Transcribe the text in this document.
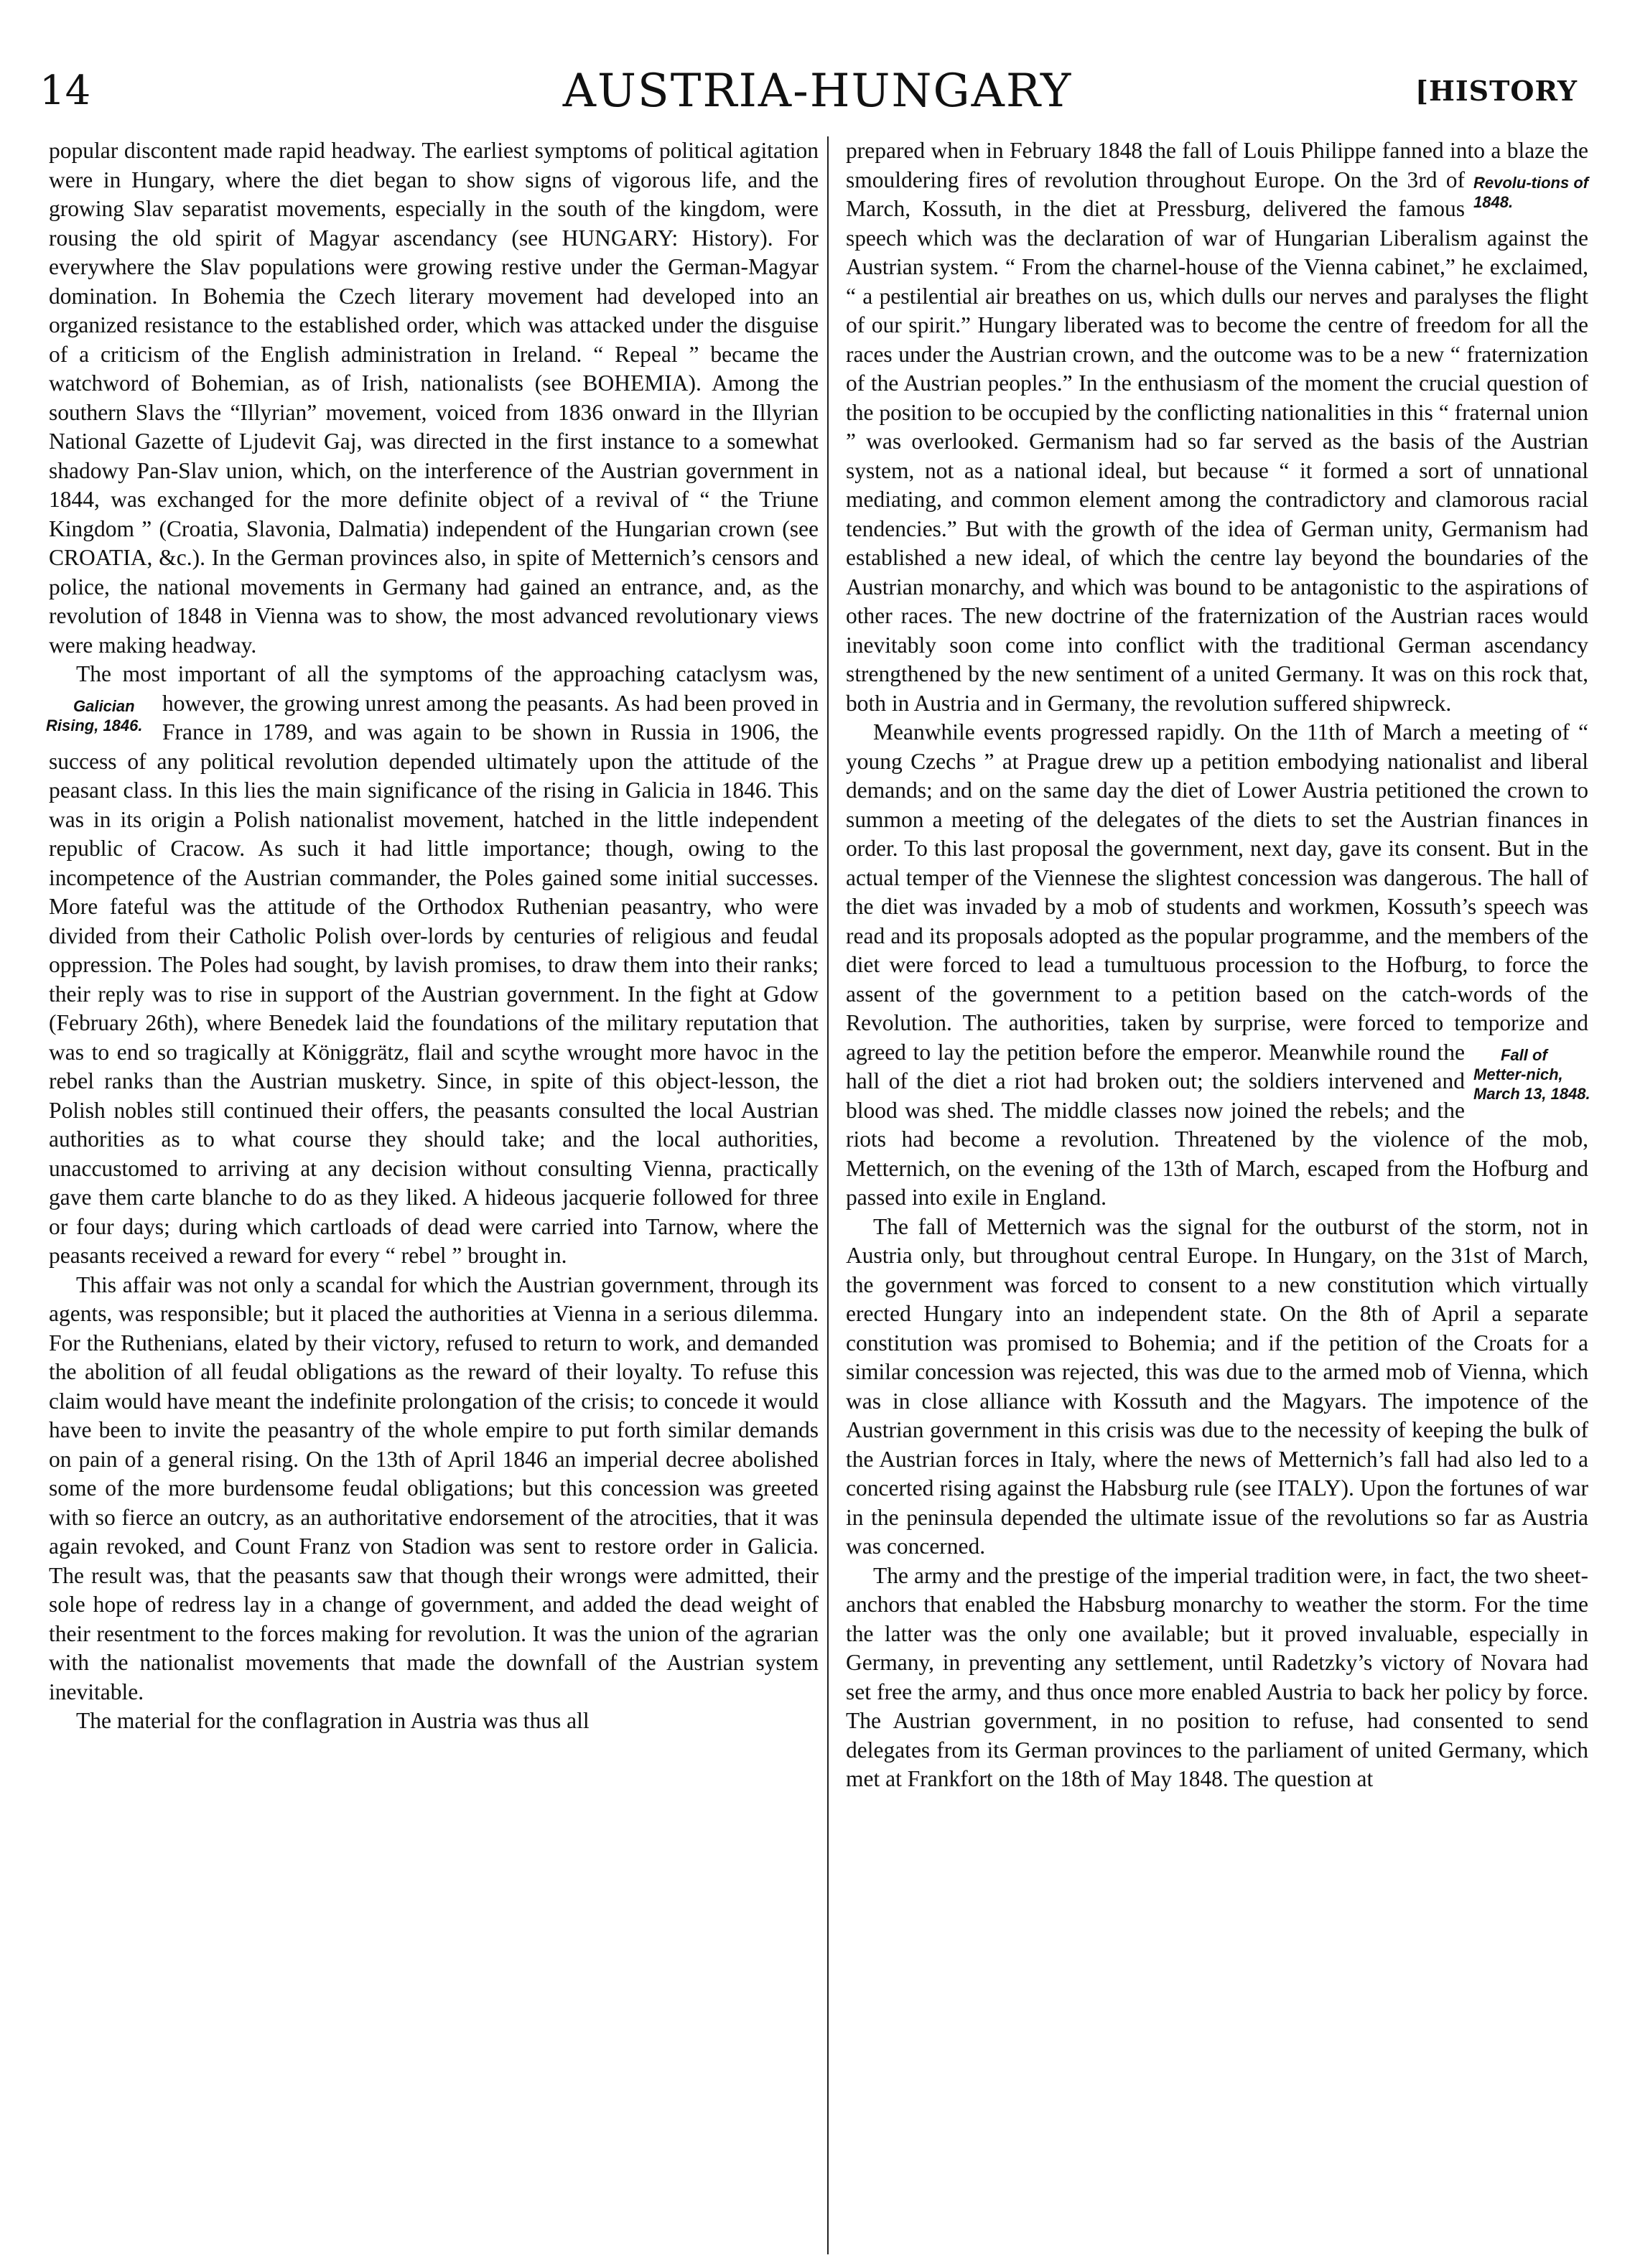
14	AUSTRIA-HUNGARY	[HISTORY

popular discontent made rapid headway. The earliest symptoms of political agitation were in Hungary, where the diet began to show signs of vigorous life, and the growing Slav separatist movements, especially in the south of the kingdom, were rousing the old spirit of Magyar ascendancy (see HUNGARY: History). For everywhere the Slav populations were growing restive under the German-Magyar domination. In Bohemia the Czech literary movement had developed into an organized resistance to the established order, which was attacked under the disguise of a criticism of the English administration in Ireland. “ Repeal ” became the watchword of Bohemian, as of Irish, nationalists (see BOHEMIA). Among the southern Slavs the “Illyrian” movement, voiced from 1836 onward in the Illyrian National Gazette of Ljudevit Gaj, was directed in the first instance to a somewhat shadowy Pan-Slav union, which, on the interference of the Austrian government in 1844, was exchanged for the more definite object of a revival of “ the Triune Kingdom ” (Croatia, Slavonia, Dalmatia) independent of the Hungarian crown (see CROATIA, &c.). In the German provinces also, in spite of Metternich’s censors and police, the national movements in Germany had gained an entrance, and, as the revolution of 1848 in Vienna was to show, the most advanced revolutionary views were making headway.

The most important of all the symptoms of the approaching cataclysm was, however, the growing unrest among the peasants.
Galician Rising, 1846.
As had been proved in France in 1789, and was again to be shown in Russia in 1906, the success of any political revolution depended ultimately upon the attitude of the peasant class. In this lies the main significance of the rising in Galicia in 1846. This was in its origin a Polish nationalist movement, hatched in the little independent republic of Cracow. As such it had little importance; though, owing to the incompetence of the Austrian commander, the Poles gained some initial successes. More fateful was the attitude of the Orthodox Ruthenian peasantry, who were divided from their Catholic Polish over-lords by centuries of religious and feudal oppression. The Poles had sought, by lavish promises, to draw them into their ranks; their reply was to rise in support of the Austrian government. In the fight at Gdow (February 26th), where Benedek laid the foundations of the military reputation that was to end so tragically at Königgrätz, flail and scythe wrought more havoc in the rebel ranks than the Austrian musketry. Since, in spite of this object-lesson, the Polish nobles still continued their offers, the peasants consulted the local Austrian authorities as to what course they should take; and the local authorities, unaccustomed to arriving at any decision without consulting Vienna, practically gave them carte blanche to do as they liked. A hideous jacquerie followed for three or four days; during which cartloads of dead were carried into Tarnow, where the peasants received a reward for every “ rebel ” brought in.

This affair was not only a scandal for which the Austrian government, through its agents, was responsible; but it placed the authorities at Vienna in a serious dilemma. For the Ruthenians, elated by their victory, refused to return to work, and demanded the abolition of all feudal obligations as the reward of their loyalty. To refuse this claim would have meant the indefinite prolongation of the crisis; to concede it would have been to invite the peasantry of the whole empire to put forth similar demands on pain of a general rising. On the 13th of April 1846 an imperial decree abolished some of the more burdensome feudal obligations; but this concession was greeted with so fierce an outcry, as an authoritative endorsement of the atrocities, that it was again revoked, and Count Franz von Stadion was sent to restore order in Galicia. The result was, that the peasants saw that though their wrongs were admitted, their sole hope of redress lay in a change of government, and added the dead weight of their resentment to the forces making for revolution. It was the union of the agrarian with the nationalist movements that made the downfall of the Austrian system inevitable.

The material for the conflagration in Austria was thus all

prepared when in February 1848 the fall of Louis Philippe fanned into a blaze the smouldering fires of revolution throughout Europe.	Revolu-tions of 1848.
On the 3rd of March, Kossuth, in the diet at Pressburg, delivered the famous speech which was the declaration of war of Hungarian Liberalism against the Austrian system. “ From the charnel-house of the Vienna cabinet,” he exclaimed, “ a pestilential air breathes on us, which dulls our nerves and paralyses the flight of our spirit.” Hungary liberated was to become the centre of freedom for all the races under the Austrian crown, and the outcome was to be a new “ fraternization of the Austrian peoples.” In the enthusiasm of the moment the crucial question of the position to be occupied by the conflicting nationalities in this “ fraternal union ” was overlooked. Germanism had so far served as the basis of the Austrian system, not as a national ideal, but because “ it formed a sort of unnational mediating, and common element among the contradictory and clamorous racial tendencies.” But with the growth of the idea of German unity, Germanism had established a new ideal, of which the centre lay beyond the boundaries of the Austrian monarchy, and which was bound to be antagonistic to the aspirations of other races. The new doctrine of the fraternization of the Austrian races would inevitably soon come into conflict with the traditional German ascendancy strengthened by the new sentiment of a united Germany. It was on this rock that, both in Austria and in Germany, the revolution suffered shipwreck.

Meanwhile events progressed rapidly. On the 11th of March a meeting of “ young Czechs ” at Prague drew up a petition embodying nationalist and liberal demands; and on the same day the diet of Lower Austria petitioned the crown to summon a meeting of the delegates of the diets to set the Austrian finances in order. To this last proposal the government, next day, gave its consent. But in the actual temper of the Viennese the slightest concession was dangerous. The hall of the diet was invaded by a mob of students and workmen, Kossuth’s speech was read and its proposals adopted as the popular programme, and the members of the diet were forced to lead a tumultuous procession to the Hofburg, to force the assent of the government to a petition based on the catch-words of the Revolution. The authorities, taken by surprise, were forced to temporize and agreed	Fall of Metter-nich, March 13, 1848.
to lay the petition before the emperor. Meanwhile round the hall of the diet a riot had broken out; the soldiers intervened and blood was shed. The middle classes now joined the rebels; and the riots had become a revolution. Threatened by the violence of the mob, Metternich, on the evening of the 13th of March, escaped from the Hofburg and passed into exile in England.

The fall of Metternich was the signal for the outburst of the storm, not in Austria only, but throughout central Europe. In Hungary, on the 31st of March, the government was forced to consent to a new constitution which virtually erected Hungary into an independent state. On the 8th of April a separate constitution was promised to Bohemia; and if the petition of the Croats for a similar concession was rejected, this was due to the armed mob of Vienna, which was in close alliance with Kossuth and the Magyars. The impotence of the Austrian government in this crisis was due to the necessity of keeping the bulk of the Austrian forces in Italy, where the news of Metternich’s fall had also led to a concerted rising against the Habsburg rule (see ITALY). Upon the fortunes of war in the peninsula depended the ultimate issue of the revolutions so far as Austria was concerned.

The army and the prestige of the imperial tradition were, in fact, the two sheet-anchors that enabled the Habsburg monarchy to weather the storm. For the time the latter was the only one available; but it proved invaluable, especially in Germany, in preventing any settlement, until Radetzky’s victory of Novara had set free the army, and thus once more enabled Austria to back her policy by force. The Austrian government, in no position to refuse, had consented to send delegates from its German provinces to the parliament of united Germany, which met at Frankfort on the 18th of May 1848. The question at
